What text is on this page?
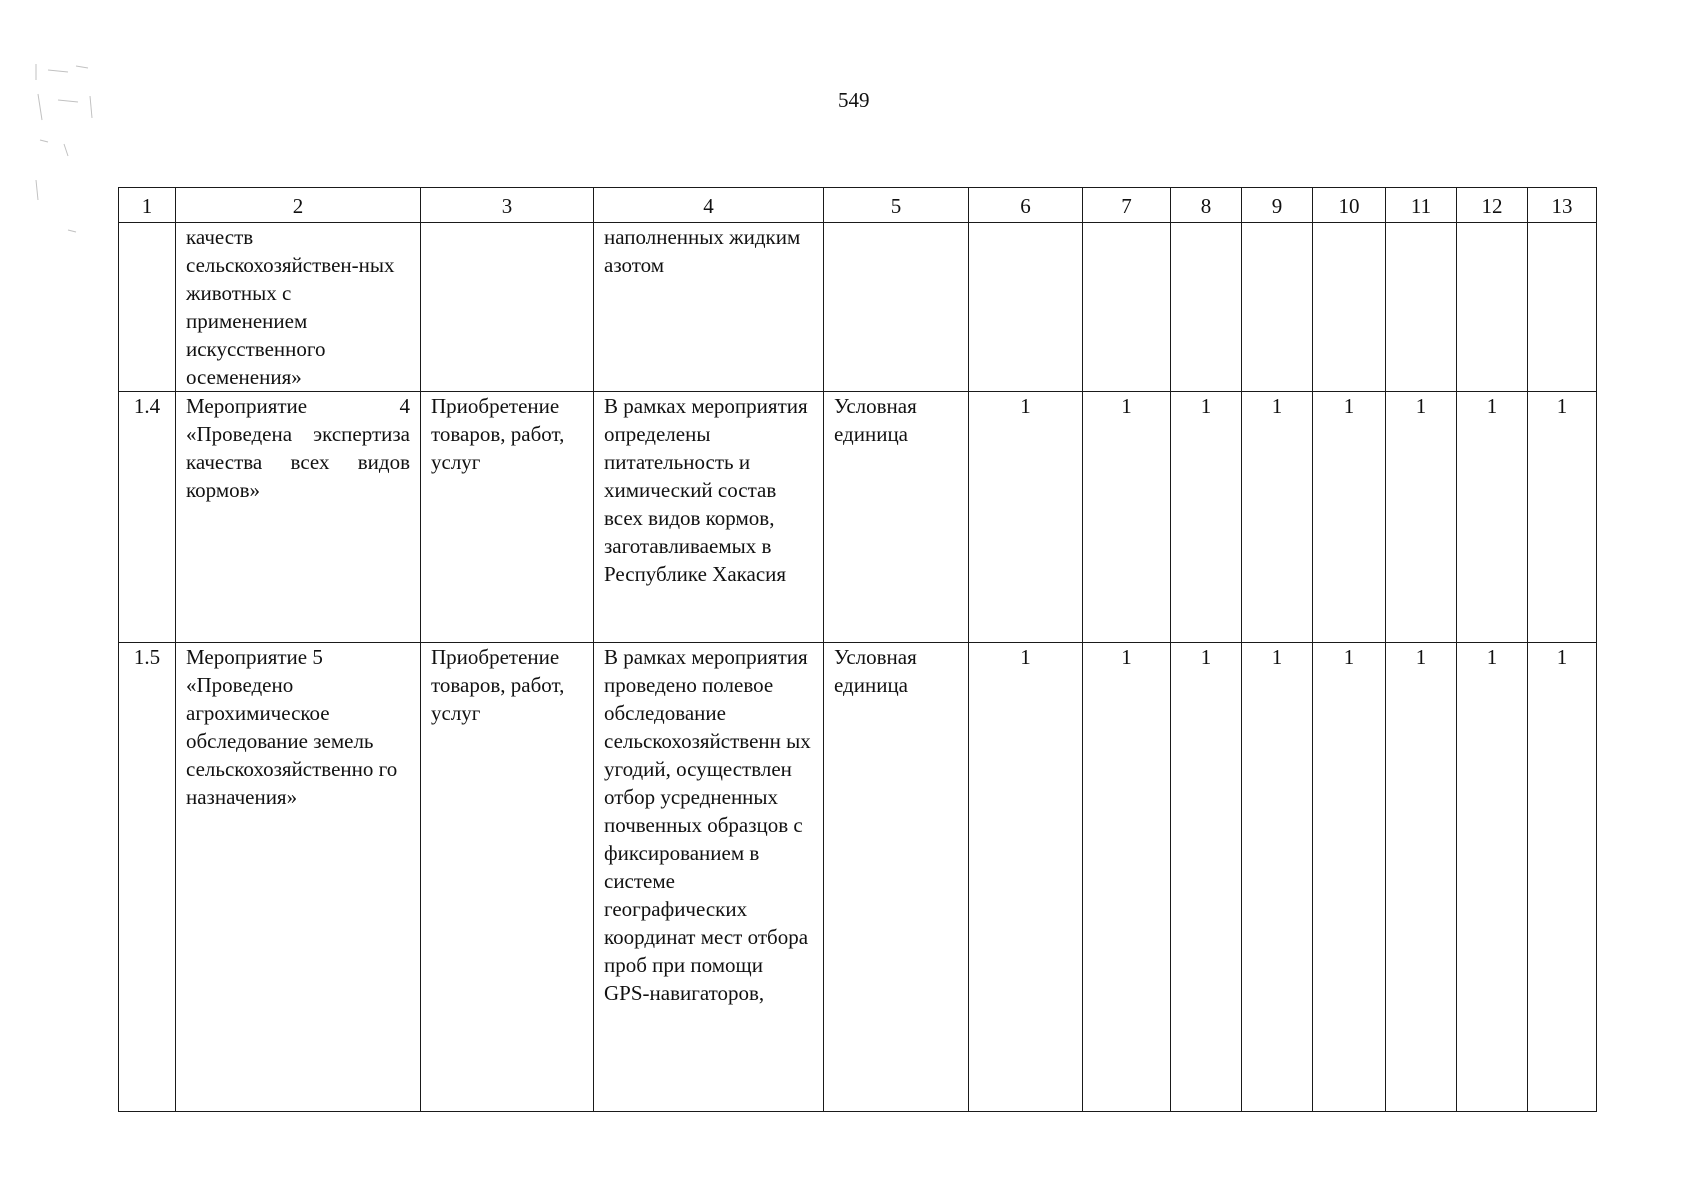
549
1	2	3	4	5	6	7	8	9	10	11	12	13
	качеств сельскохозяйствен-ных животных с применением искусственного осеменения»		наполненных жидким азотом									
1.4	Мероприятие 4 «Проведена экспертиза качества всех видов кормов»	Приобретение товаров, работ, услуг	В рамках мероприятия определены питательность и химический состав всех видов кормов, заготавливаемых в Республике Хакасия	Условная единица	1	1	1	1	1	1	1	1
1.5	Мероприятие 5 «Проведено агрохимическое обследование земель сельскохозяйственно го назначения»	Приобретение товаров, работ, услуг	В рамках мероприятия проведено полевое обследование сельскохозяйственн ых угодий, осуществлен отбор усредненных почвенных образцов с фиксированием в системе географических координат мест отбора проб при помощи GPS-навигаторов,	Условная единица	1	1	1	1	1	1	1	1
